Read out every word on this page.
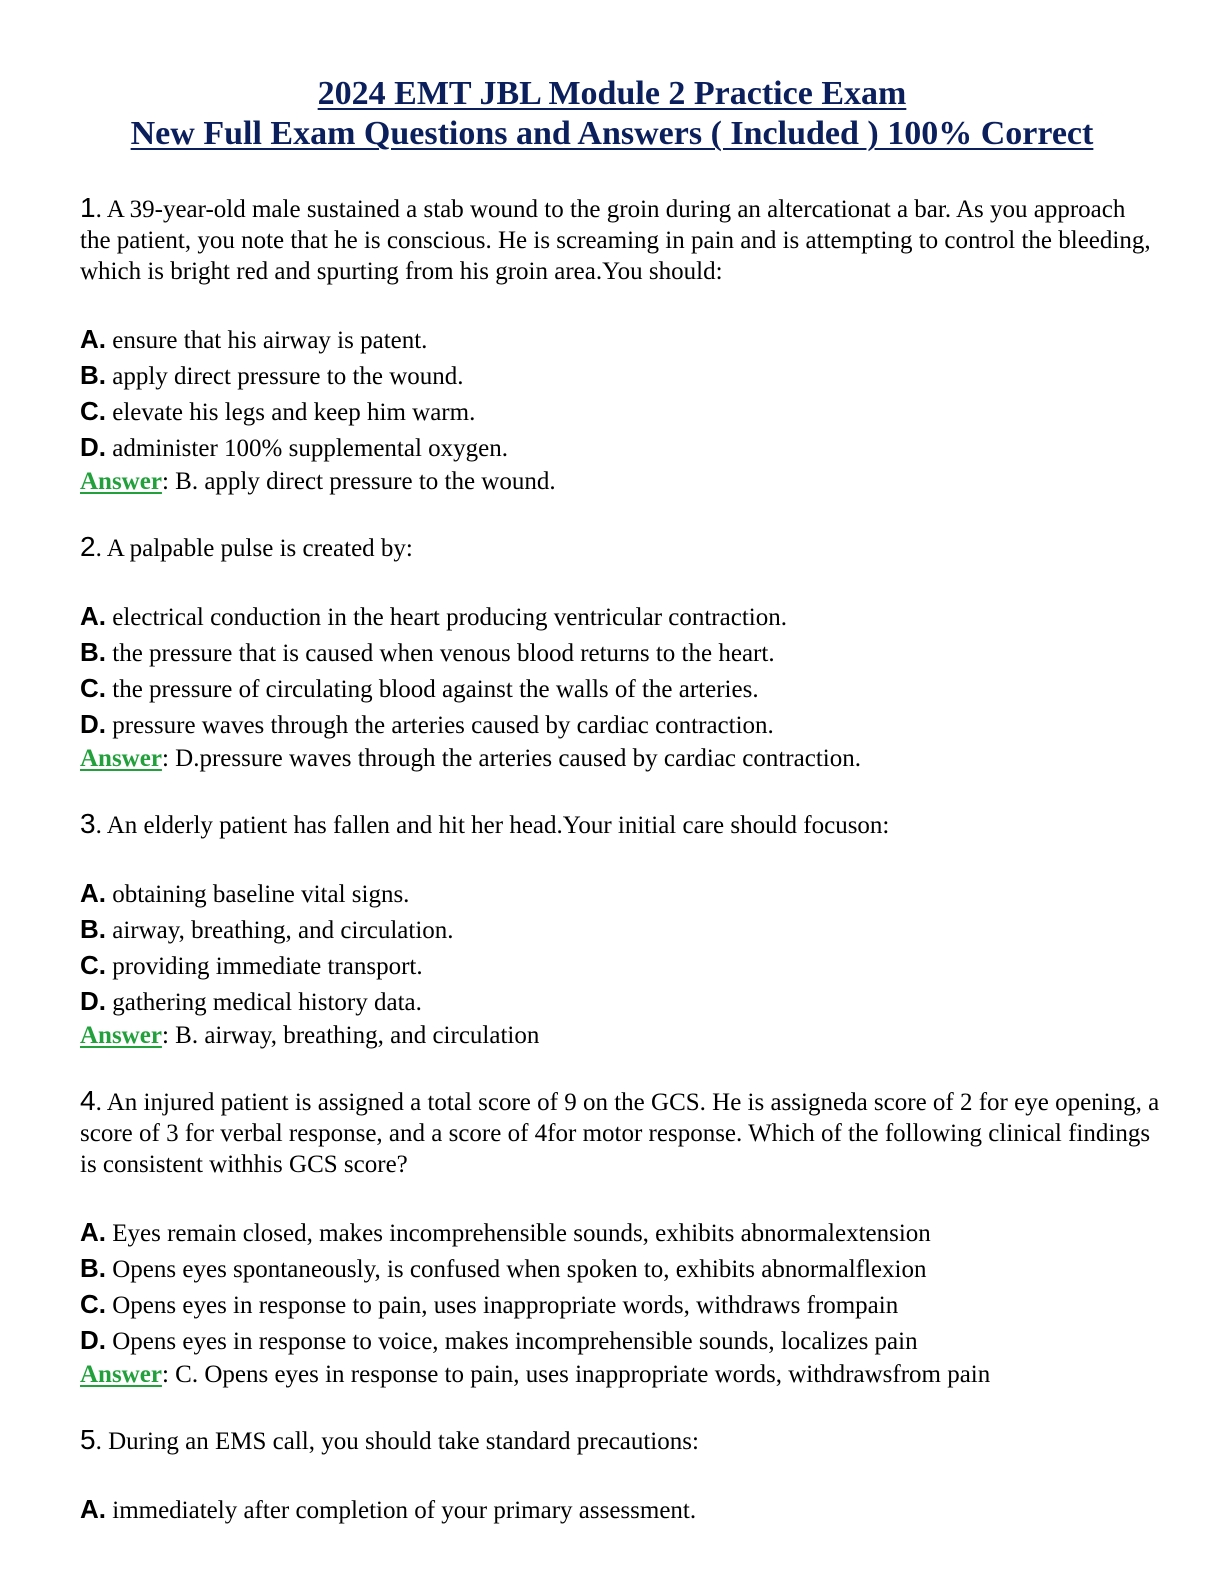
2024 EMT JBL Module 2 Practice Exam
New Full Exam Questions and Answers ( Included ) 100% Correct
1. A 39-year-old male sustained a stab wound to the groin during an altercationat a bar. As you approach the patient, you note that he is conscious. He is screaming in pain and is attempting to control the bleeding, which is bright red and spurting from his groin area.You should:
A. ensure that his airway is patent.
B. apply direct pressure to the wound.
C. elevate his legs and keep him warm.
D. administer 100% supplemental oxygen.
Answer: B. apply direct pressure to the wound.
2. A palpable pulse is created by:
A. electrical conduction in the heart producing ventricular contraction.
B. the pressure that is caused when venous blood returns to the heart.
C. the pressure of circulating blood against the walls of the arteries.
D. pressure waves through the arteries caused by cardiac contraction.
Answer: D.pressure waves through the arteries caused by cardiac contraction.
3. An elderly patient has fallen and hit her head.Your initial care should focuson:
A. obtaining baseline vital signs.
B. airway, breathing, and circulation.
C. providing immediate transport.
D. gathering medical history data.
Answer: B. airway, breathing, and circulation
4. An injured patient is assigned a total score of 9 on the GCS. He is assigneda score of 2 for eye opening, a score of 3 for verbal response, and a score of 4for motor response. Which of the following clinical findings is consistent withhis GCS score?
A. Eyes remain closed, makes incomprehensible sounds, exhibits abnormalextension
B. Opens eyes spontaneously, is confused when spoken to, exhibits abnormalflexion
C. Opens eyes in response to pain, uses inappropriate words, withdraws frompain
D. Opens eyes in response to voice, makes incomprehensible sounds, localizes pain
Answer: C. Opens eyes in response to pain, uses inappropriate words, withdrawsfrom pain
5. During an EMS call, you should take standard precautions:
A. immediately after completion of your primary assessment.
